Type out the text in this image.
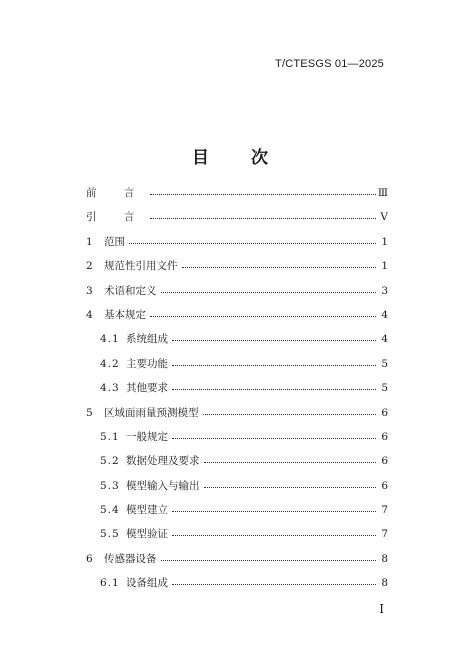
T/CTESGS 01—2025
目 次
前 言	Ⅲ
引 言	Ⅴ
1	范围	1
2	规范性引用文件	1
3	术语和定义	3
4	基本规定	4
4.1 系统组成	4
4.2 主要功能	5
4.3 其他要求	5
5	区域面雨量预测模型	6
5.1 一般规定	6
5.2 数据处理及要求	6
5.3 模型输入与输出	6
5.4 模型建立	7
5.5 模型验证	7
6	传感器设备	8
6.1 设备组成	8
Ⅰ
